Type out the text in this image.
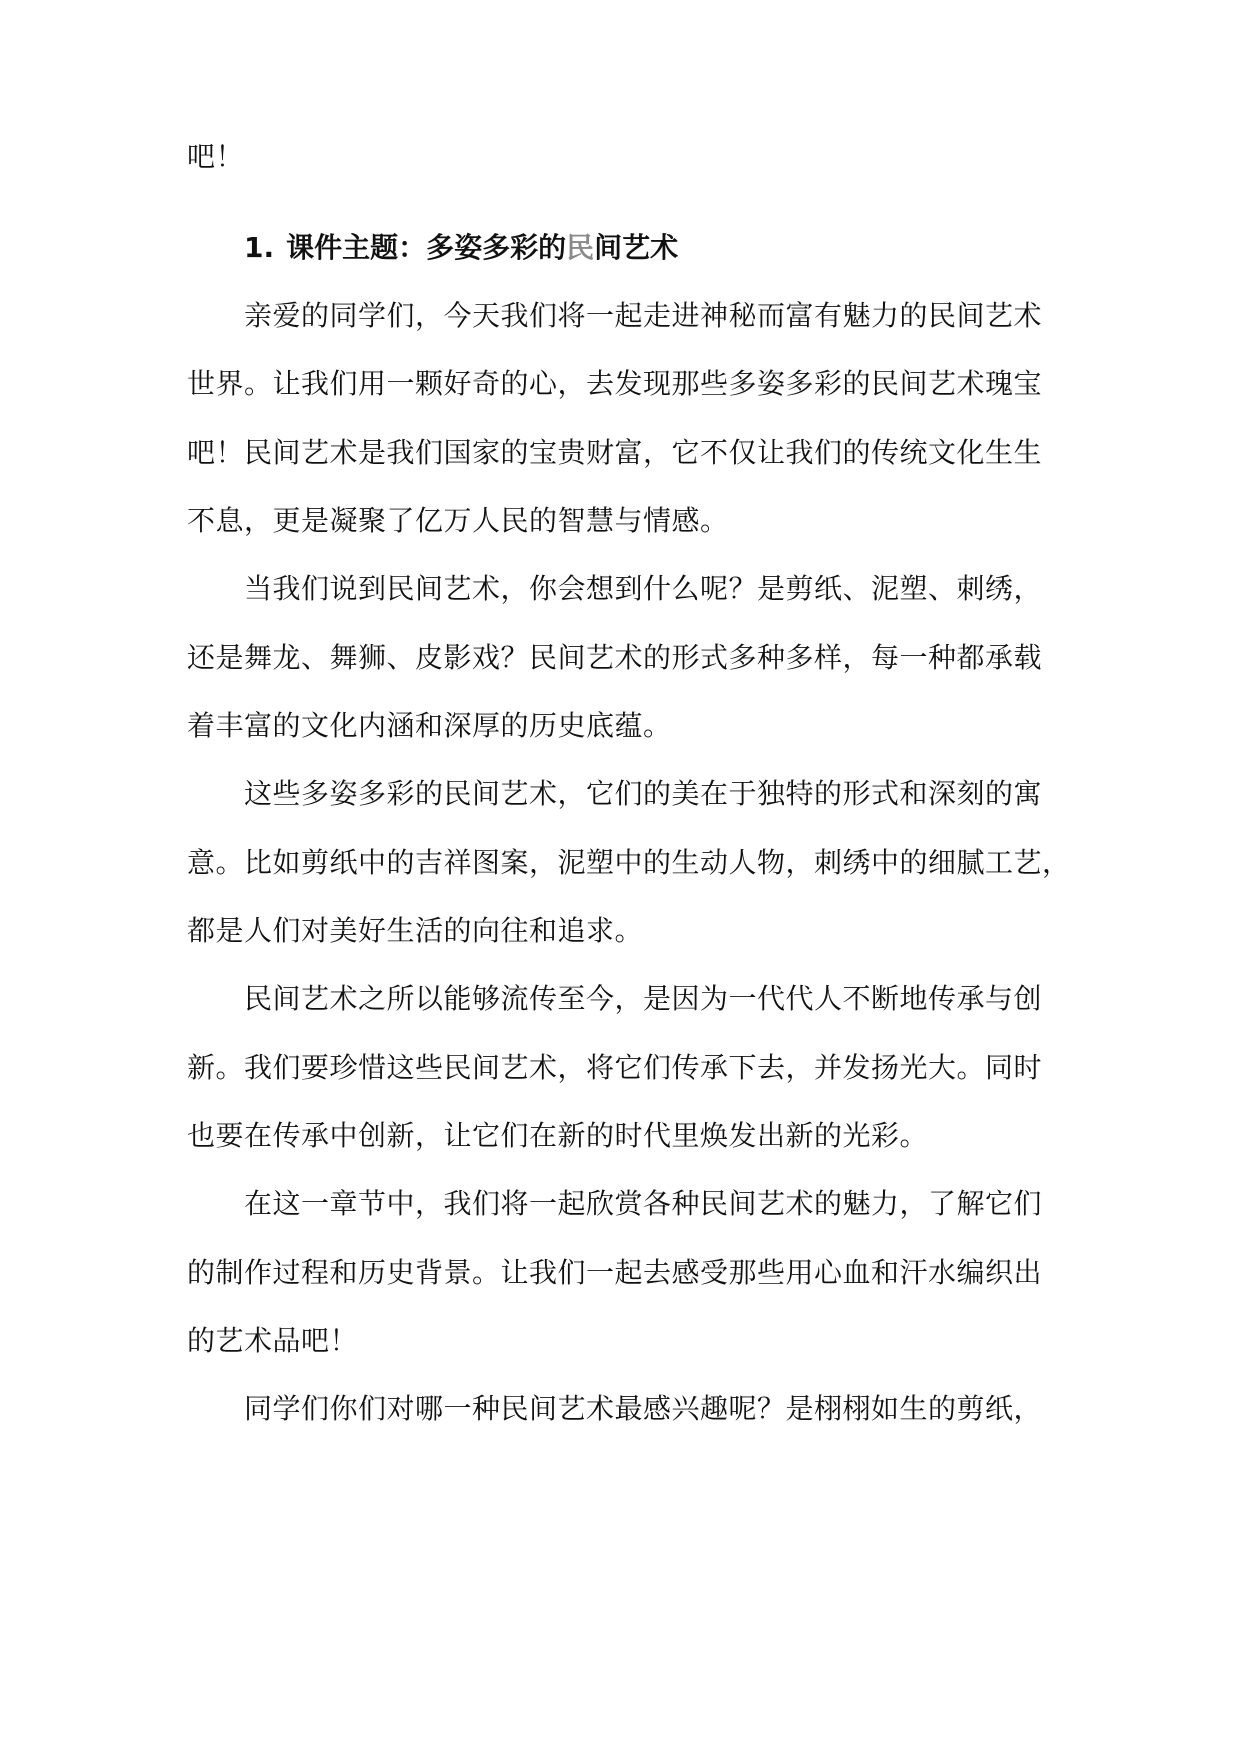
吧！
1. 课件主题：多姿多彩的民间艺术
亲爱的同学们，今天我们将一起走进神秘而富有魅力的民间艺术
世界。让我们用一颗好奇的心，去发现那些多姿多彩的民间艺术瑰宝
吧！民间艺术是我们国家的宝贵财富，它不仅让我们的传统文化生生
不息，更是凝聚了亿万人民的智慧与情感。
当我们说到民间艺术，你会想到什么呢？是剪纸、泥塑、刺绣，
还是舞龙、舞狮、皮影戏？民间艺术的形式多种多样，每一种都承载
着丰富的文化内涵和深厚的历史底蕴。
这些多姿多彩的民间艺术，它们的美在于独特的形式和深刻的寓
意。比如剪纸中的吉祥图案，泥塑中的生动人物，刺绣中的细腻工艺，
都是人们对美好生活的向往和追求。
民间艺术之所以能够流传至今，是因为一代代人不断地传承与创
新。我们要珍惜这些民间艺术，将它们传承下去，并发扬光大。同时
也要在传承中创新，让它们在新的时代里焕发出新的光彩。
在这一章节中，我们将一起欣赏各种民间艺术的魅力，了解它们
的制作过程和历史背景。让我们一起去感受那些用心血和汗水编织出
的艺术品吧！
同学们你们对哪一种民间艺术最感兴趣呢？是栩栩如生的剪纸，
